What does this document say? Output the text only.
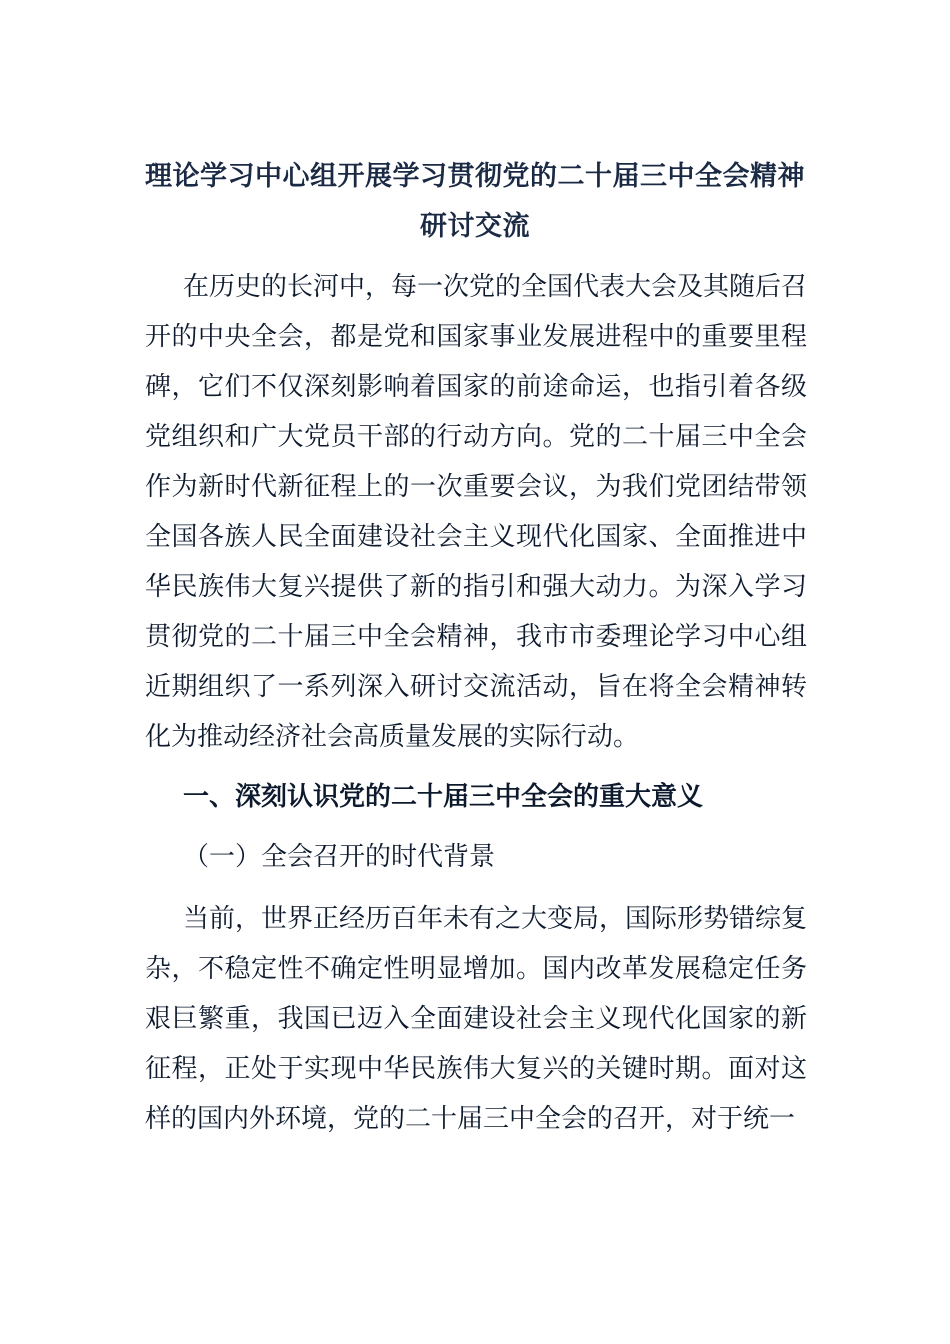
理论学习中心组开展学习贯彻党的二十届三中全会精神研讨交流
在历史的长河中，每一次党的全国代表大会及其随后召开的中央全会，都是党和国家事业发展进程中的重要里程碑，它们不仅深刻影响着国家的前途命运，也指引着各级党组织和广大党员干部的行动方向。党的二十届三中全会作为新时代新征程上的一次重要会议，为我们党团结带领全国各族人民全面建设社会主义现代化国家、全面推进中华民族伟大复兴提供了新的指引和强大动力。为深入学习贯彻党的二十届三中全会精神，我市市委理论学习中心组近期组织了一系列深入研讨交流活动，旨在将全会精神转化为推动经济社会高质量发展的实际行动。
一、深刻认识党的二十届三中全会的重大意义
（一）全会召开的时代背景
当前，世界正经历百年未有之大变局，国际形势错综复杂，不稳定性不确定性明显增加。国内改革发展稳定任务艰巨繁重，我国已迈入全面建设社会主义现代化国家的新征程，正处于实现中华民族伟大复兴的关键时期。面对这样的国内外环境，党的二十届三中全会的召开，对于统一
